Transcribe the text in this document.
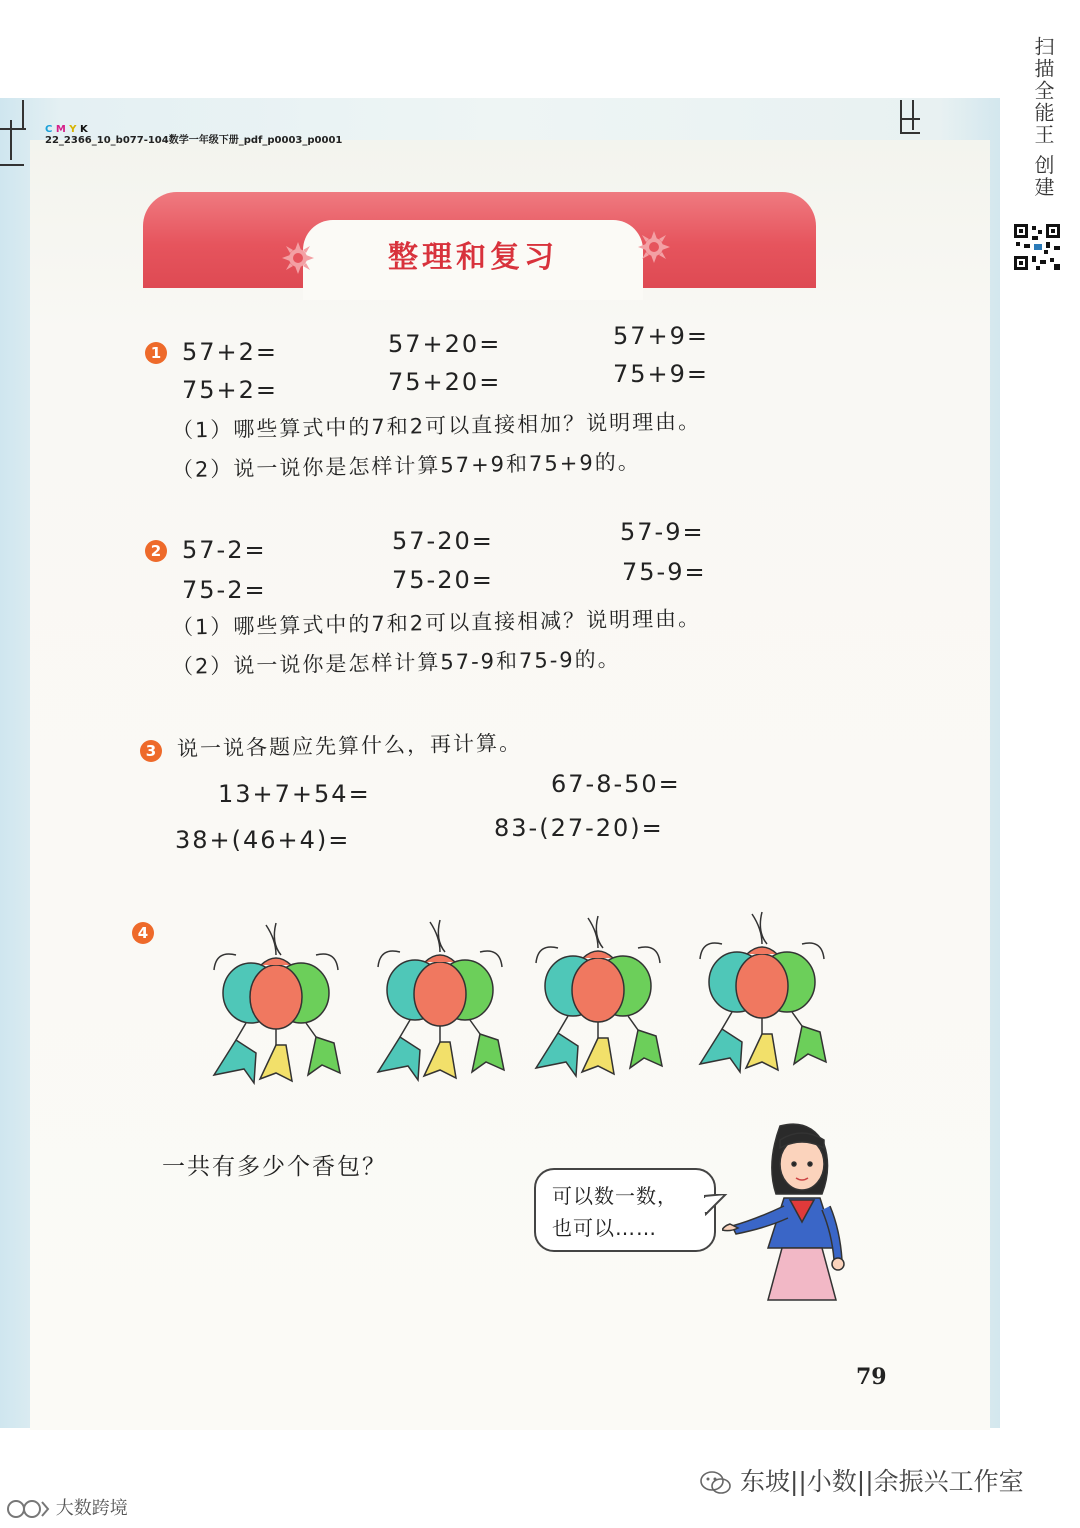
C M Y K
22_2366_10_b077-104数学一年级下册_pdf_p0003_p0001	扫描全能王 创建
整理和复习
1 57+2=	57+20=	57+9=
75+2=	75+20=	75+9=
（1）哪些算式中的7和2可以直接相加？说明理由。
（2）说一说你是怎样计算57+9和75+9的。
2 57-2=	57-20=	57-9=
75-2=	75-20=	75-9=
（1）哪些算式中的7和2可以直接相减？说明理由。
（2）说一说你是怎样计算57-9和75-9的。
3 说一说各题应先算什么，再计算。
13+7+54=	67-8-50=
38+(46+4)=	83-(27-20)=
4
一共有多少个香包？
可以数一数，
也可以……
79
东坡||小数||余振兴工作室
大数跨境
